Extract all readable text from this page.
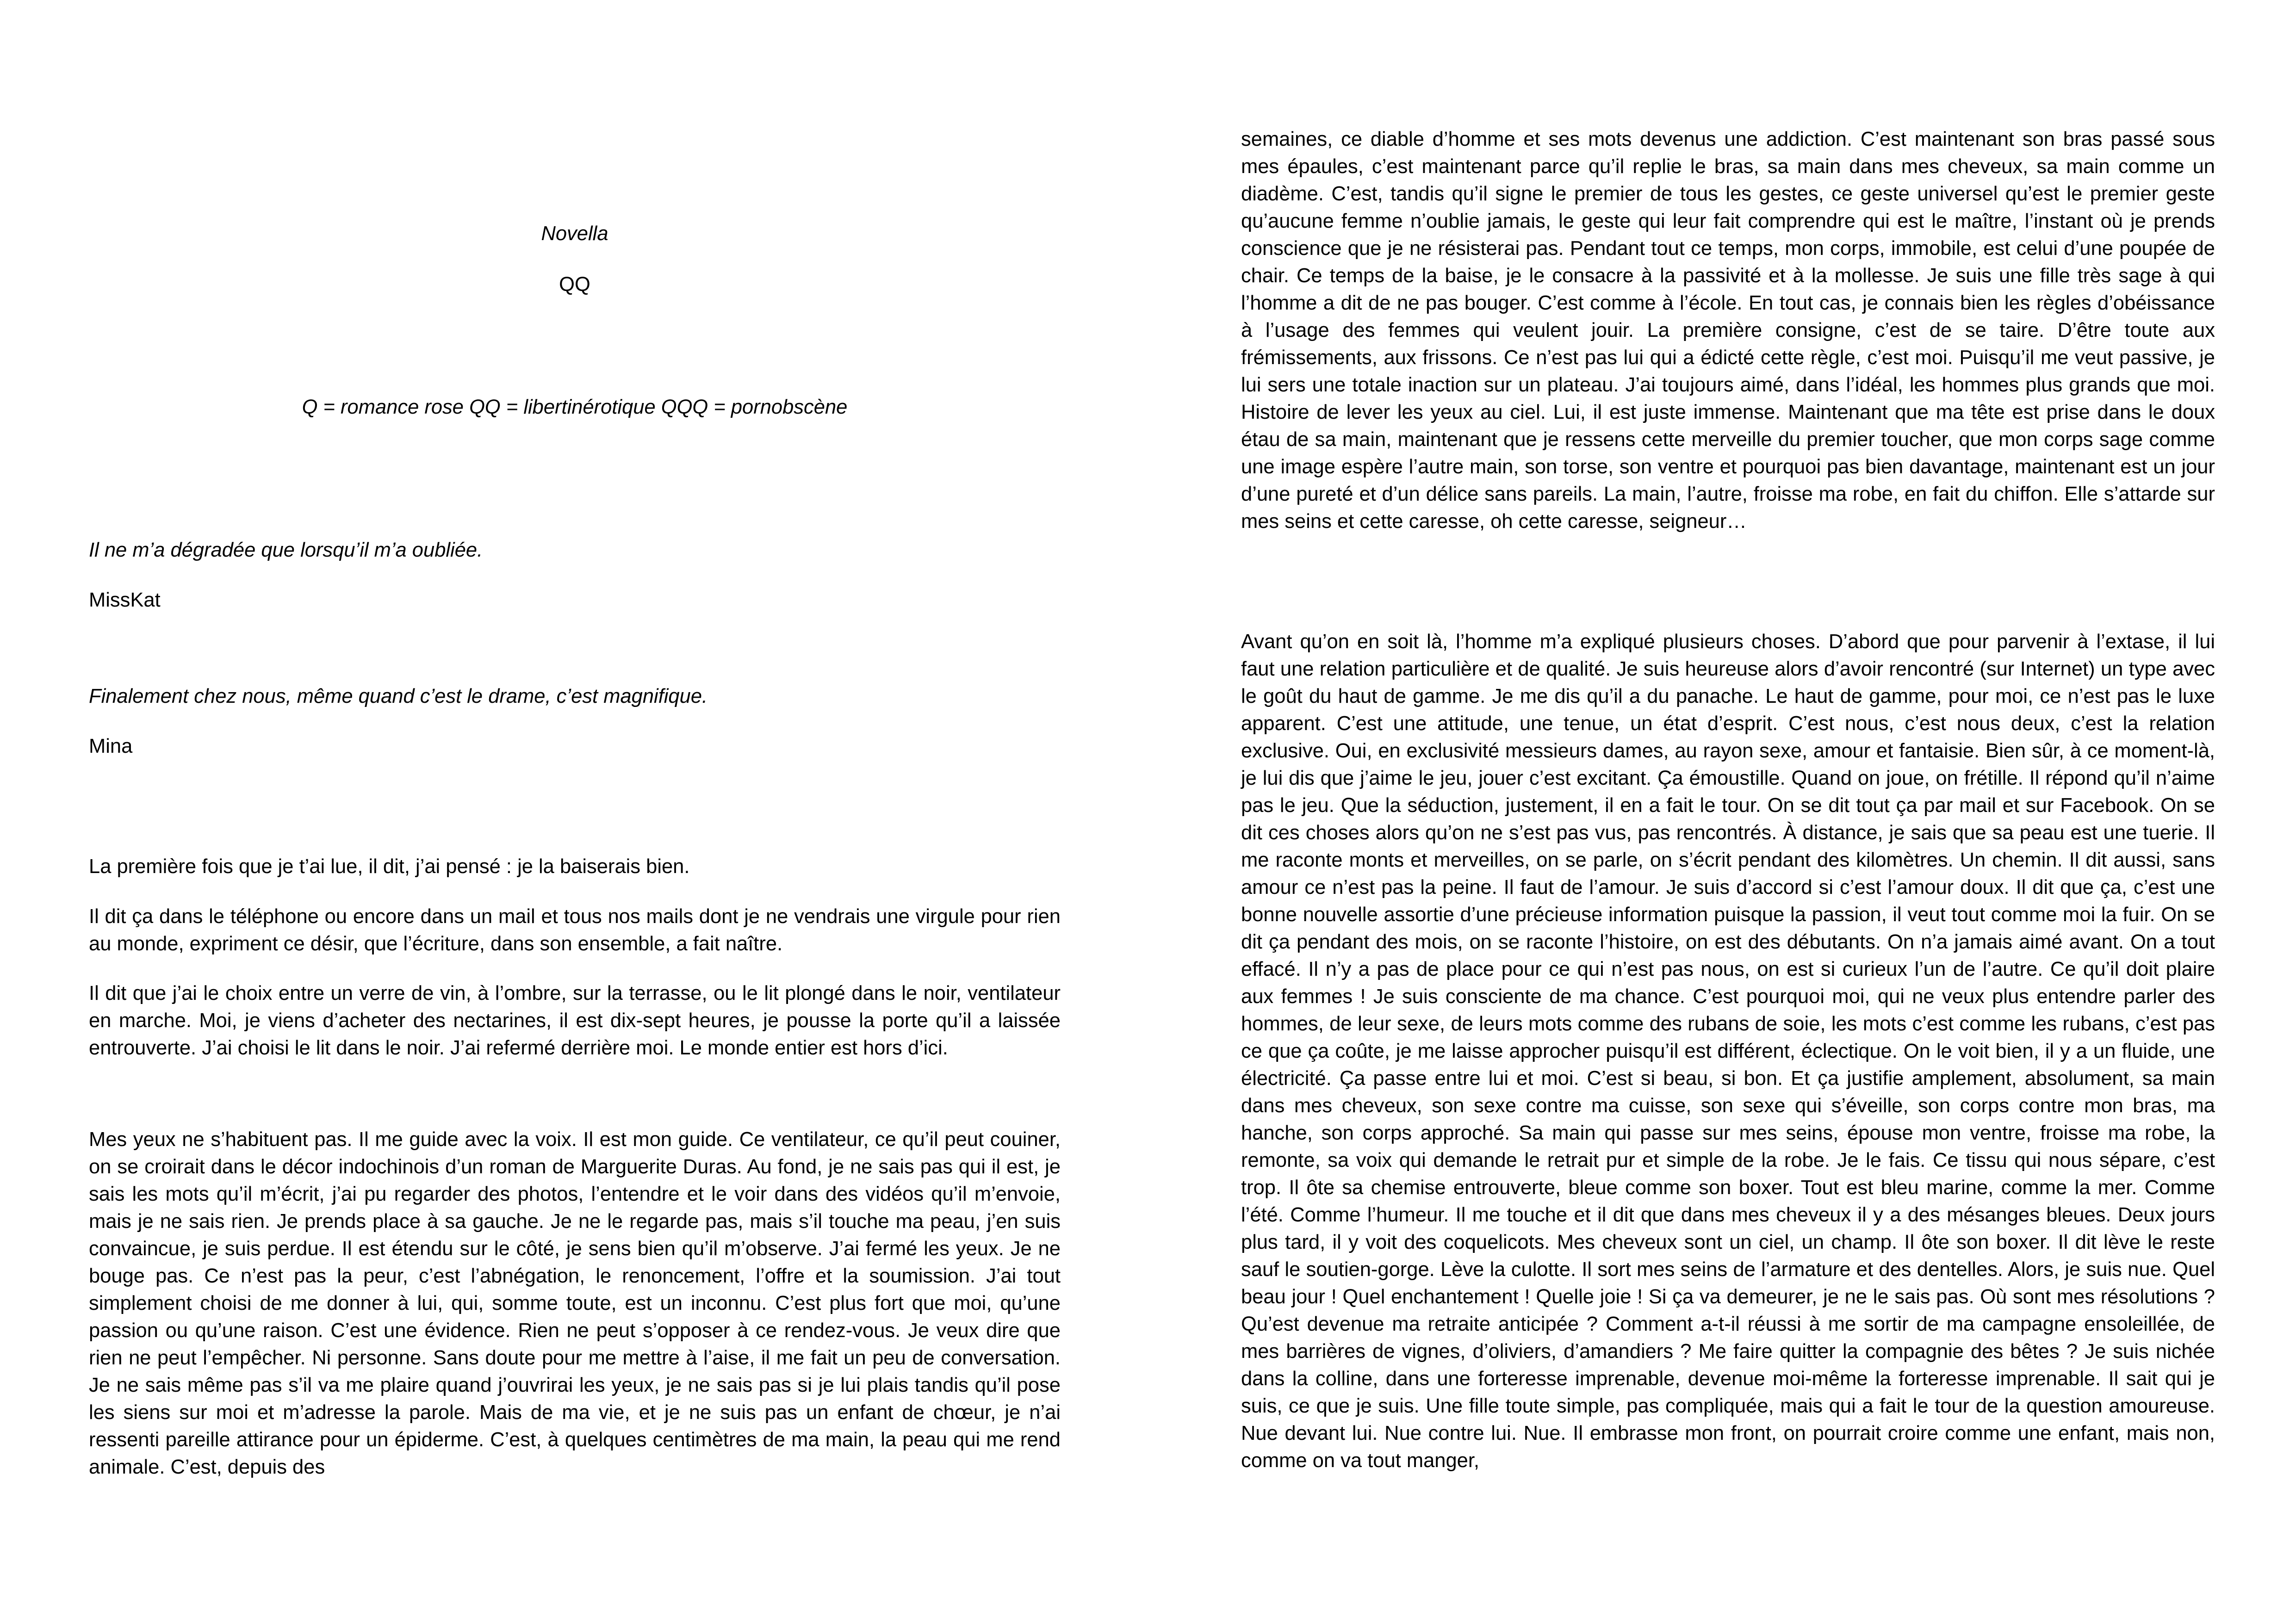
Novella

QQ

Q = romance rose QQ = libertinérotique QQQ = pornobscène

Il ne m’a dégradée que lorsqu’il m’a oubliée.

MissKat

Finalement chez nous, même quand c’est le drame, c’est magnifique.

Mina

La première fois que je t’ai lue, il dit, j’ai pensé : je la baiserais bien.

Il dit ça dans le téléphone ou encore dans un mail et tous nos mails dont je ne vendrais une virgule pour rien au monde, expriment ce désir, que l’écriture, dans son ensemble, a fait naître.

Il dit que j’ai le choix entre un verre de vin, à l’ombre, sur la terrasse, ou le lit plongé dans le noir, ventilateur en marche. Moi, je viens d’acheter des nectarines, il est dix-sept heures, je pousse la porte qu’il a laissée entrouverte. J’ai choisi le lit dans le noir. J’ai refermé derrière moi. Le monde entier est hors d’ici.

Mes yeux ne s’habituent pas. Il me guide avec la voix. Il est mon guide. Ce ventilateur, ce qu’il peut couiner, on se croirait dans le décor indochinois d’un roman de Marguerite Duras. Au fond, je ne sais pas qui il est, je sais les mots qu’il m’écrit, j’ai pu regarder des photos, l’entendre et le voir dans des vidéos qu’il m’envoie, mais je ne sais rien. Je prends place à sa gauche. Je ne le regarde pas, mais s’il touche ma peau, j’en suis convaincue, je suis perdue. Il est étendu sur le côté, je sens bien qu’il m’observe. J’ai fermé les yeux. Je ne bouge pas. Ce n’est pas la peur, c’est l’abnégation, le renoncement, l’offre et la soumission. J’ai tout simplement choisi de me donner à lui, qui, somme toute, est un inconnu. C’est plus fort que moi, qu’une passion ou qu’une raison. C’est une évidence. Rien ne peut s’opposer à ce rendez-vous. Je veux dire que rien ne peut l’empêcher. Ni personne. Sans doute pour me mettre à l’aise, il me fait un peu de conversation. Je ne sais même pas s’il va me plaire quand j’ouvrirai les yeux, je ne sais pas si je lui plais tandis qu’il pose les siens sur moi et m’adresse la parole. Mais de ma vie, et je ne suis pas un enfant de chœur, je n’ai ressenti pareille attirance pour un épiderme. C’est, à quelques centimètres de ma main, la peau qui me rend animale. C’est, depuis des

semaines, ce diable d’homme et ses mots devenus une addiction. C’est maintenant son bras passé sous mes épaules, c’est maintenant parce qu’il replie le bras, sa main dans mes cheveux, sa main comme un diadème. C’est, tandis qu’il signe le premier de tous les gestes, ce geste universel qu’est le premier geste qu’aucune femme n’oublie jamais, le geste qui leur fait comprendre qui est le maître, l’instant où je prends conscience que je ne résisterai pas. Pendant tout ce temps, mon corps, immobile, est celui d’une poupée de chair. Ce temps de la baise, je le consacre à la passivité et à la mollesse. Je suis une fille très sage à qui l’homme a dit de ne pas bouger. C’est comme à l’école. En tout cas, je connais bien les règles d’obéissance à l’usage des femmes qui veulent jouir. La première consigne, c’est de se taire. D’être toute aux frémissements, aux frissons. Ce n’est pas lui qui a édicté cette règle, c’est moi. Puisqu’il me veut passive, je lui sers une totale inaction sur un plateau. J’ai toujours aimé, dans l’idéal, les hommes plus grands que moi. Histoire de lever les yeux au ciel. Lui, il est juste immense. Maintenant que ma tête est prise dans le doux étau de sa main, maintenant que je ressens cette merveille du premier toucher, que mon corps sage comme une image espère l’autre main, son torse, son ventre et pourquoi pas bien davantage, maintenant est un jour d’une pureté et d’un délice sans pareils. La main, l’autre, froisse ma robe, en fait du chiffon. Elle s’attarde sur mes seins et cette caresse, oh cette caresse, seigneur…

Avant qu’on en soit là, l’homme m’a expliqué plusieurs choses. D’abord que pour parvenir à l’extase, il lui faut une relation particulière et de qualité. Je suis heureuse alors d’avoir rencontré (sur Internet) un type avec le goût du haut de gamme. Je me dis qu’il a du panache. Le haut de gamme, pour moi, ce n’est pas le luxe apparent. C’est une attitude, une tenue, un état d’esprit. C’est nous, c’est nous deux, c’est la relation exclusive. Oui, en exclusivité messieurs dames, au rayon sexe, amour et fantaisie. Bien sûr, à ce moment-là, je lui dis que j’aime le jeu, jouer c’est excitant. Ça émoustille. Quand on joue, on frétille. Il répond qu’il n’aime pas le jeu. Que la séduction, justement, il en a fait le tour. On se dit tout ça par mail et sur Facebook. On se dit ces choses alors qu’on ne s’est pas vus, pas rencontrés. À distance, je sais que sa peau est une tuerie. Il me raconte monts et merveilles, on se parle, on s’écrit pendant des kilomètres. Un chemin. Il dit aussi, sans amour ce n’est pas la peine. Il faut de l’amour. Je suis d’accord si c’est l’amour doux. Il dit que ça, c’est une bonne nouvelle assortie d’une précieuse information puisque la passion, il veut tout comme moi la fuir. On se dit ça pendant des mois, on se raconte l’histoire, on est des débutants. On n’a jamais aimé avant. On a tout effacé. Il n’y a pas de place pour ce qui n’est pas nous, on est si curieux l’un de l’autre. Ce qu’il doit plaire aux femmes ! Je suis consciente de ma chance. C’est pourquoi moi, qui ne veux plus entendre parler des hommes, de leur sexe, de leurs mots comme des rubans de soie, les mots c’est comme les rubans, c’est pas ce que ça coûte, je me laisse approcher puisqu’il est différent, éclectique. On le voit bien, il y a un fluide, une électricité. Ça passe entre lui et moi. C’est si beau, si bon. Et ça justifie amplement, absolument, sa main dans mes cheveux, son sexe contre ma cuisse, son sexe qui s’éveille, son corps contre mon bras, ma hanche, son corps approché. Sa main qui passe sur mes seins, épouse mon ventre, froisse ma robe, la remonte, sa voix qui demande le retrait pur et simple de la robe. Je le fais. Ce tissu qui nous sépare, c’est trop. Il ôte sa chemise entrouverte, bleue comme son boxer. Tout est bleu marine, comme la mer. Comme l’été. Comme l’humeur. Il me touche et il dit que dans mes cheveux il y a des mésanges bleues. Deux jours plus tard, il y voit des coquelicots. Mes cheveux sont un ciel, un champ. Il ôte son boxer. Il dit lève le reste sauf le soutien-gorge. Lève la culotte. Il sort mes seins de l’armature et des dentelles. Alors, je suis nue. Quel beau jour ! Quel enchantement ! Quelle joie ! Si ça va demeurer, je ne le sais pas. Où sont mes résolutions ? Qu’est devenue ma retraite anticipée ? Comment a-t-il réussi à me sortir de ma campagne ensoleillée, de mes barrières de vignes, d’oliviers, d’amandiers ? Me faire quitter la compagnie des bêtes ? Je suis nichée dans la colline, dans une forteresse imprenable, devenue moi-même la forteresse imprenable. Il sait qui je suis, ce que je suis. Une fille toute simple, pas compliquée, mais qui a fait le tour de la question amoureuse. Nue devant lui. Nue contre lui. Nue. Il embrasse mon front, on pourrait croire comme une enfant, mais non, comme on va tout manger,
